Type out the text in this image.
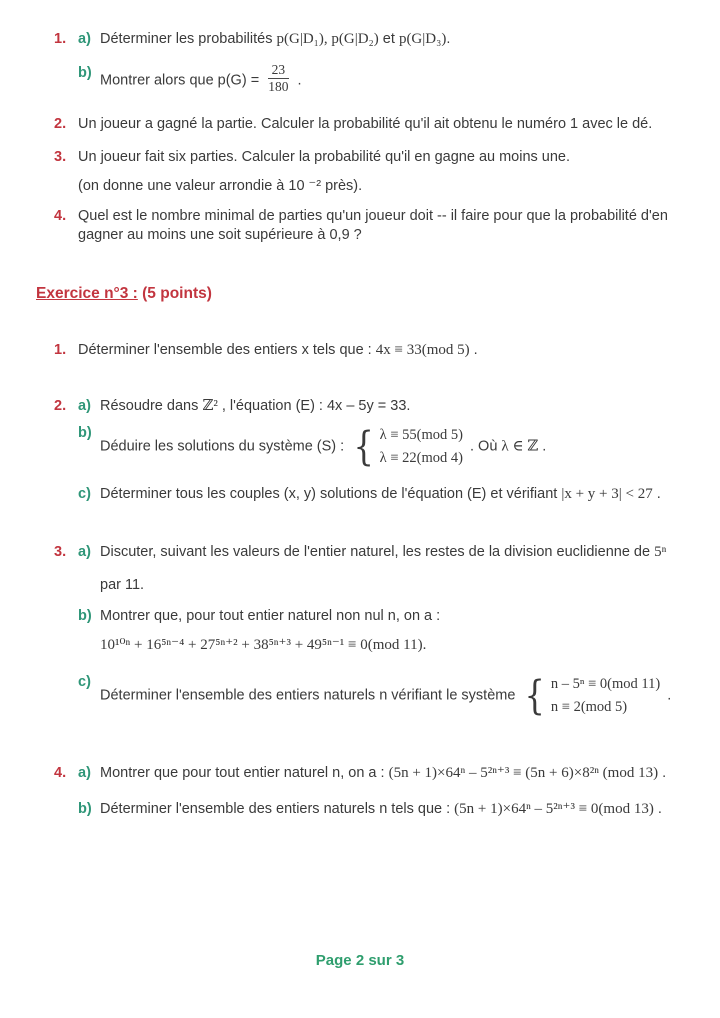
1. a) Déterminer les probabilités p(G|D₁), p(G|D₂) et p(G|D₃).
b) Montrer alors que $p(G) = \frac{23}{180}$ .
2. Un joueur a gagné la partie. Calculer la probabilité qu'il ait obtenu le numéro 1 avec le dé.
3. Un joueur fait six parties. Calculer la probabilité qu'il en gagne au moins une.
(on donne une valeur arrondie à 10 ⁻² près).
4. Quel est le nombre minimal de parties qu'un joueur doit -- il faire pour que la probabilité d'en gagner au moins une soit supérieure à 0,9 ?
Exercice n°3 : (5 points)
1. Déterminer l'ensemble des entiers x tels que : 4x ≡ 33(mod 5) .
2. a) Résoudre dans ℤ² , l'équation (E) : 4x – 5y = 33.
b)
Déduire les solutions du système (S) : { λ ≡ 55(mod 5)
λ ≡ 22(mod 4)
. Où λ ∈ ℤ .
c) Déterminer tous les couples (x, y) solutions de l'équation (E) et vérifiant |x + y + 3| < 27 .
3. a) Discuter, suivant les valeurs de l'entier naturel, les restes de la division euclidienne de 5ⁿ
par 11.
b) Montrer que, pour tout entier naturel non nul n, on a :
10¹⁰ⁿ + 16⁵ⁿ⁻⁴ + 27⁵ⁿ⁺² + 38⁵ⁿ⁺³ + 49⁵ⁿ⁻¹ ≡ 0(mod 11).
c)
Déterminer l'ensemble des entiers naturels n vérifiant le système { n – 5ⁿ ≡ 0(mod 11)
n ≡ 2(mod 5)
.
4. a) Montrer que pour tout entier naturel n, on a : (5n + 1)×64ⁿ – 5²ⁿ⁺³ ≡ (5n + 6)×8²ⁿ (mod 13) .
b) Déterminer l'ensemble des entiers naturels n tels que : (5n + 1)×64ⁿ – 5²ⁿ⁺³ ≡ 0(mod 13) .
Page 2 sur 3
